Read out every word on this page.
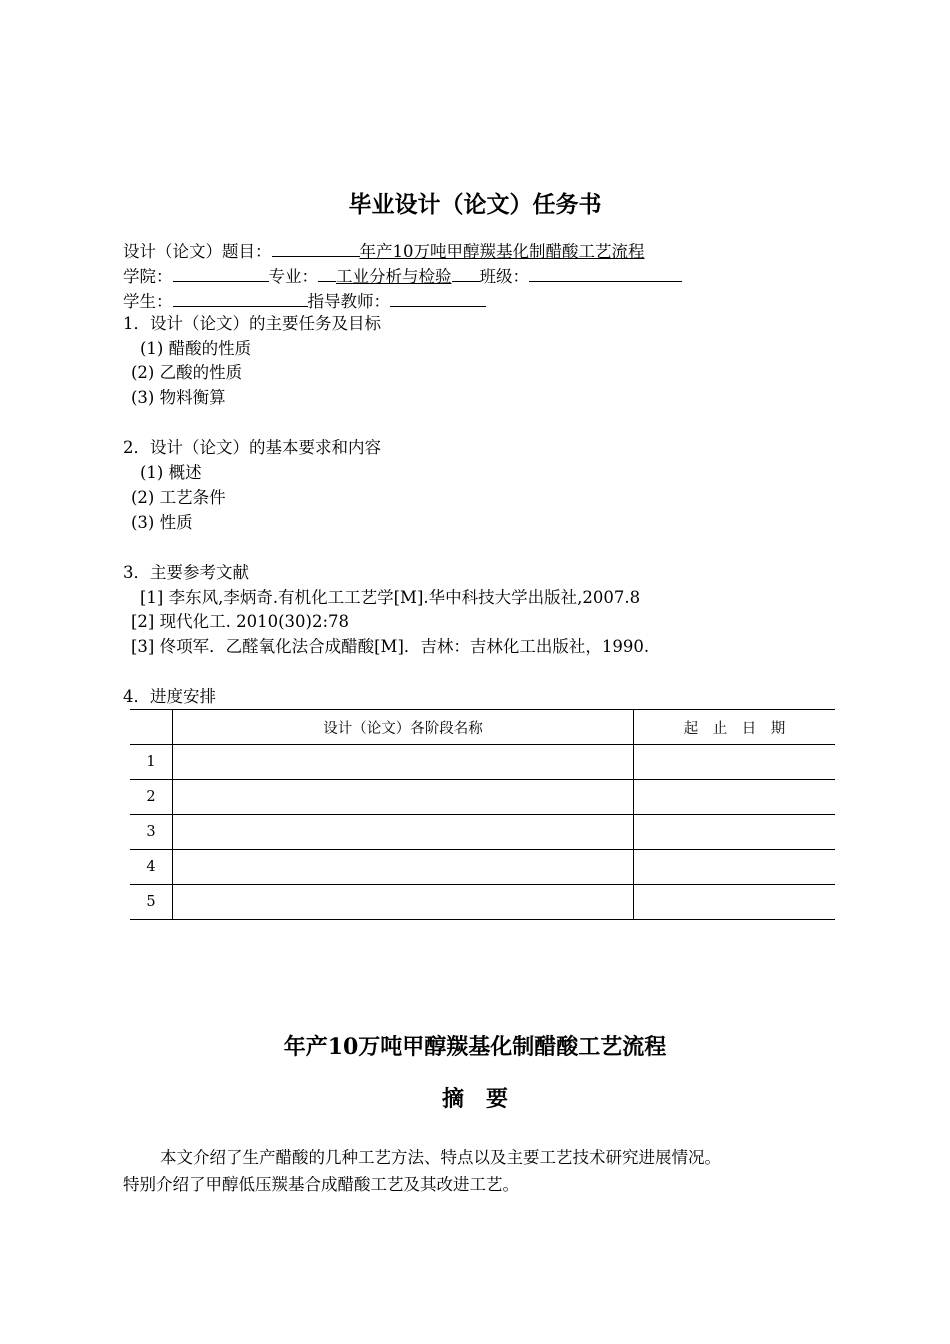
毕业设计（论文）任务书
设计（论文）题目：	年产10万吨甲醇羰基化制醋酸工艺流程
学院：	专业： 工业分析与检验 班级：
学生：	指导教师：
1．设计（论文）的主要任务及目标
(1) 醋酸的性质
(2) 乙酸的性质
(3) 物料衡算
2．设计（论文）的基本要求和内容
(1) 概述
(2) 工艺条件
(3) 性质
3．主要参考文献
[1] 李东风,李炳奇.有机化工工艺学[M].华中科技大学出版社,2007.8
[2] 现代化工. 2010(30)2:78
[3] 佟项军．乙醛氧化法合成醋酸[M]．吉林：吉林化工出版社，1990.
4．进度安排
	设计（论文）各阶段名称	起　止　日　期
1		
2		
3		
4		
5		
年产10万吨甲醇羰基化制醋酸工艺流程
摘　要
本文介绍了生产醋酸的几种工艺方法、特点以及主要工艺技术研究进展情况。
特别介绍了甲醇低压羰基合成醋酸工艺及其改进工艺。
